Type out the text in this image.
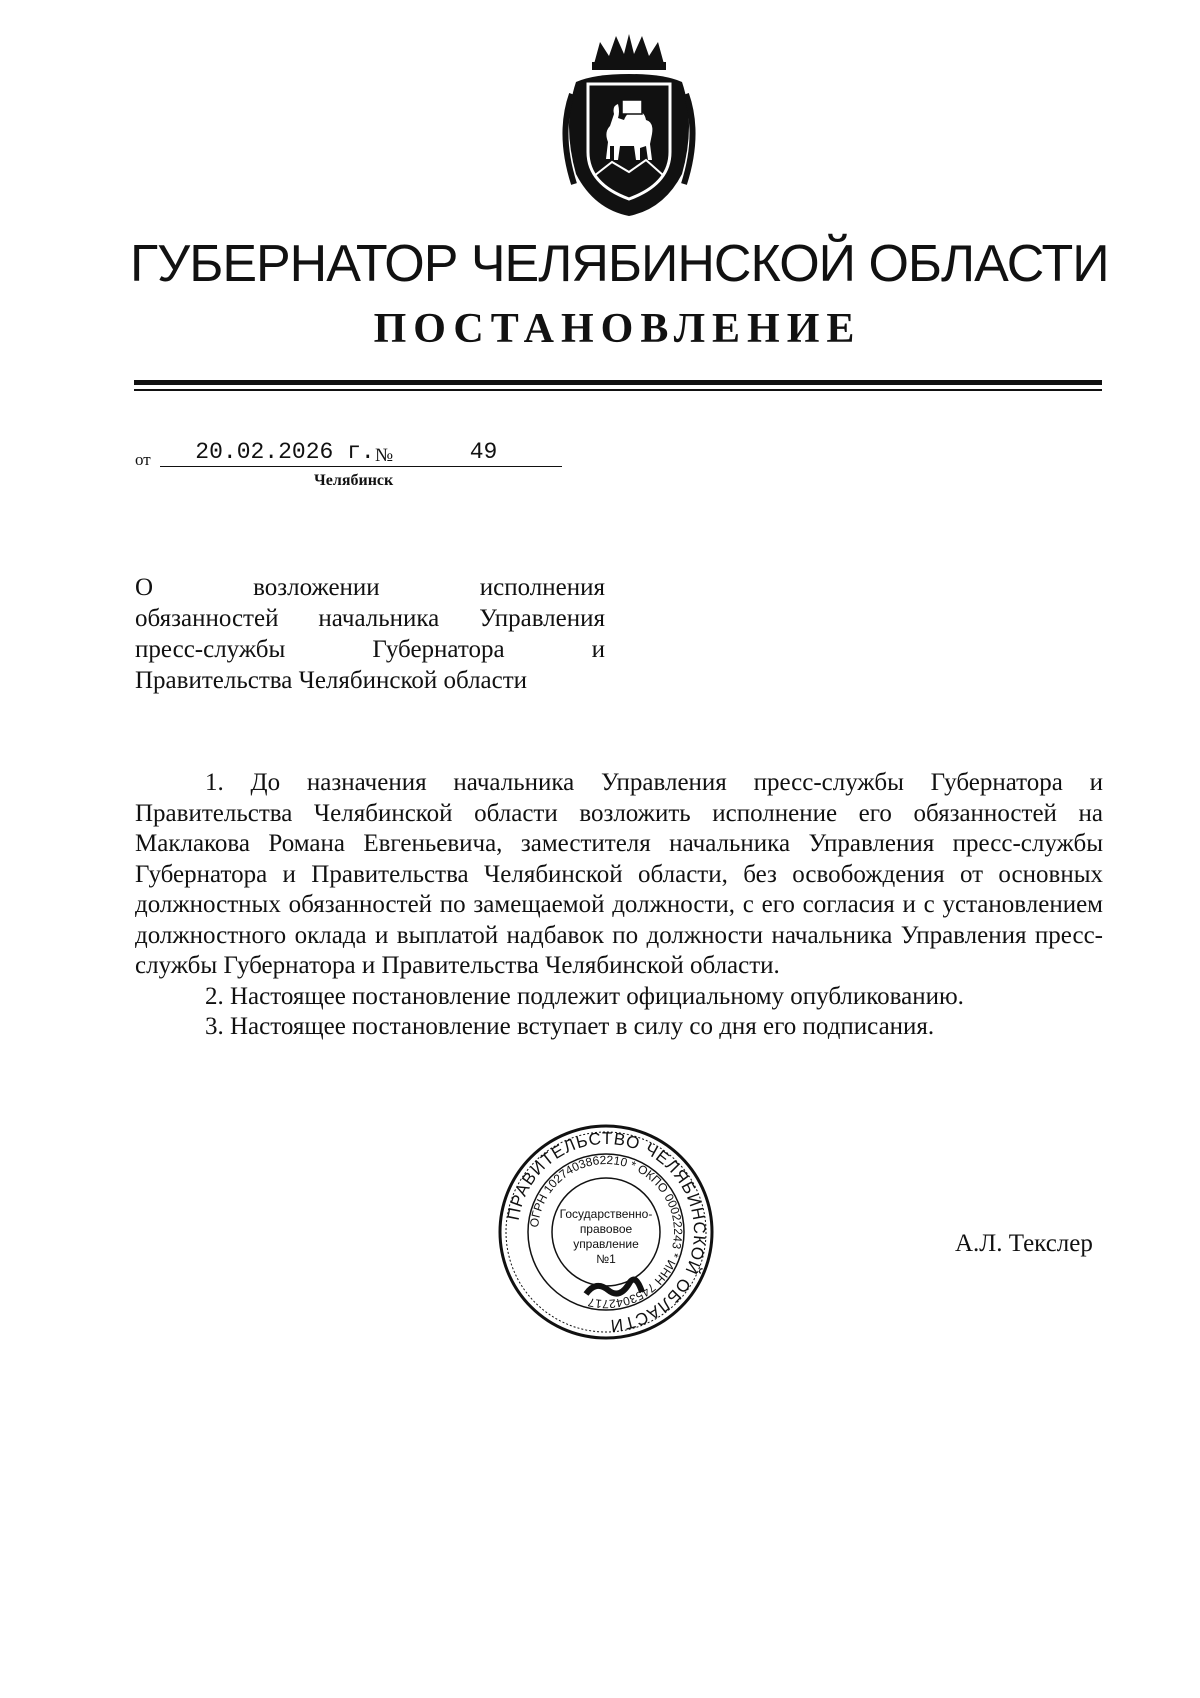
ГУБЕРНАТОР ЧЕЛЯБИНСКОЙ ОБЛАСТИ
ПОСТАНОВЛЕНИЕ
от	20.02.2026 г. №	49
Челябинск
О возложении исполнения
обязанностей начальника Управления
пресс-службы Губернатора и
Правительства Челябинской области

1. До назначения начальника Управления пресс-службы Губернатора и Правительства Челябинской области возложить исполнение его обязанностей на Маклакова Романа Евгеньевича, заместителя начальника Управления пресс-службы Губернатора и Правительства Челябинской области, без освобождения от основных должностных обязанностей по замещаемой должности, с его согласия и с установлением должностного оклада и выплатой надбавок по должности начальника Управления пресс-службы Губернатора и Правительства Челябинской области.

2. Настоящее постановление подлежит официальному опубликованию.

3. Настоящее постановление вступает в силу со дня его подписания.

ПРАВИТЕЛЬСТВО ЧЕЛЯБИНСКОЙ ОБЛАСТИ
ОГРН 1027403862210 * ОКПО 00022243 * ИНН 7453042717
Государственно-
правовое
управление
№1
А.Л. Текслер
